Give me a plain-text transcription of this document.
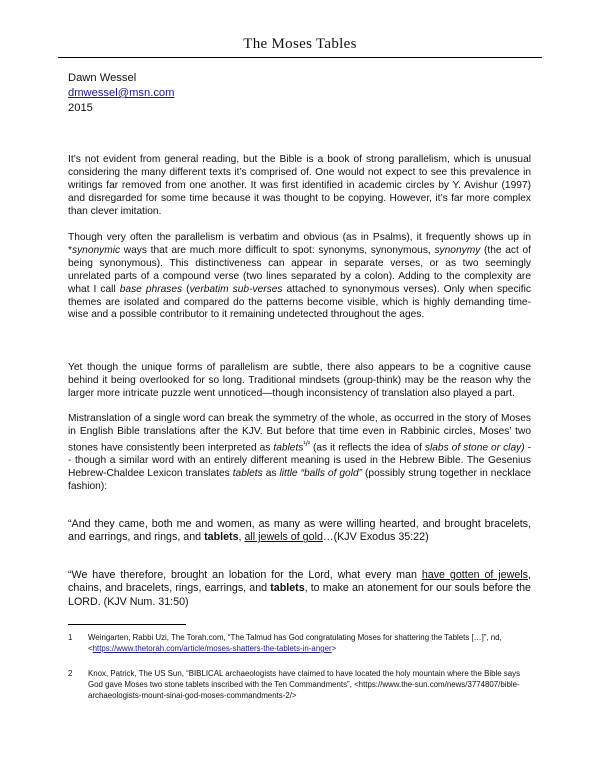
The Moses Tables
Dawn Wessel
dmwessel@msn.com
2015

It’s not evident from general reading, but the Bible is a book of strong parallelism, which is unusual considering the many different texts it’s comprised of. One would not expect to see this prevalence in writings far removed from one another. It was first identified in academic circles by Y. Avishur (1997) and disregarded for some time because it was thought to be copying. However, it’s far more complex than clever imitation.

Though very often the parallelism is verbatim and obvious (as in Psalms), it frequently shows up in *synonymic ways that are much more difficult to spot: synonyms, synonymous, synonymy (the act of being synonymous). This distinctiveness can appear in separate verses, or as two seemingly unrelated parts of a compound verse (two lines separated by a colon). Adding to the complexity are what I call base phrases (verbatim sub-verses attached to synonymous verses). Only when specific themes are isolated and compared do the patterns become visible, which is highly demanding time-wise and a possible contributor to it remaining undetected throughout the ages.

Yet though the unique forms of parallelism are subtle, there also appears to be a cognitive cause behind it being overlooked for so long. Traditional mindsets (group-think) may be the reason why the larger more intricate puzzle went unnoticed—though inconsistency of translation also played a part.

Mistranslation of a single word can break the symmetry of the whole, as occurred in the story of Moses in English Bible translations after the KJV. But before that time even in Rabbinic circles, Moses’ two stones have consistently been interpreted as tablets$^{^1/^2}$ (as it reflects the idea of slabs of stone or clay) -- though a similar word with an entirely different meaning is used in the Hebrew Bible. The Gesenius Hebrew-Chaldee Lexicon translates tablets as little “balls of gold” (possibly strung together in necklace fashion):

“And they came, both me and women, as many as were willing hearted, and brought bracelets, and earrings, and rings, and tablets, all jewels of gold…(KJV Exodus 35:22)

“We have therefore, brought an lobation for the Lord, what every man have gotten of jewels, chains, and bracelets, rings, earrings, and tablets, to make an atonement for our souls before the LORD. (KJV Num. 31:50)

1 Weingarten, Rabbi Uzi, The Torah.com, “The Talmud has God congratulating Moses for shattering the Tablets […]”, nd, <https://www.thetorah.com/article/moses-shatters-the-tablets-in-anger>
2 Knox, Patrick, The US Sun, “BIBLICAL archaeologists have claimed to have located the holy mountain where the Bible says God gave Moses two stone tablets inscribed with the Ten Commandments”, <https://www.the-sun.com/news/3774807/bible-archaeologists-mount-sinai-god-moses-commandments-2/>
